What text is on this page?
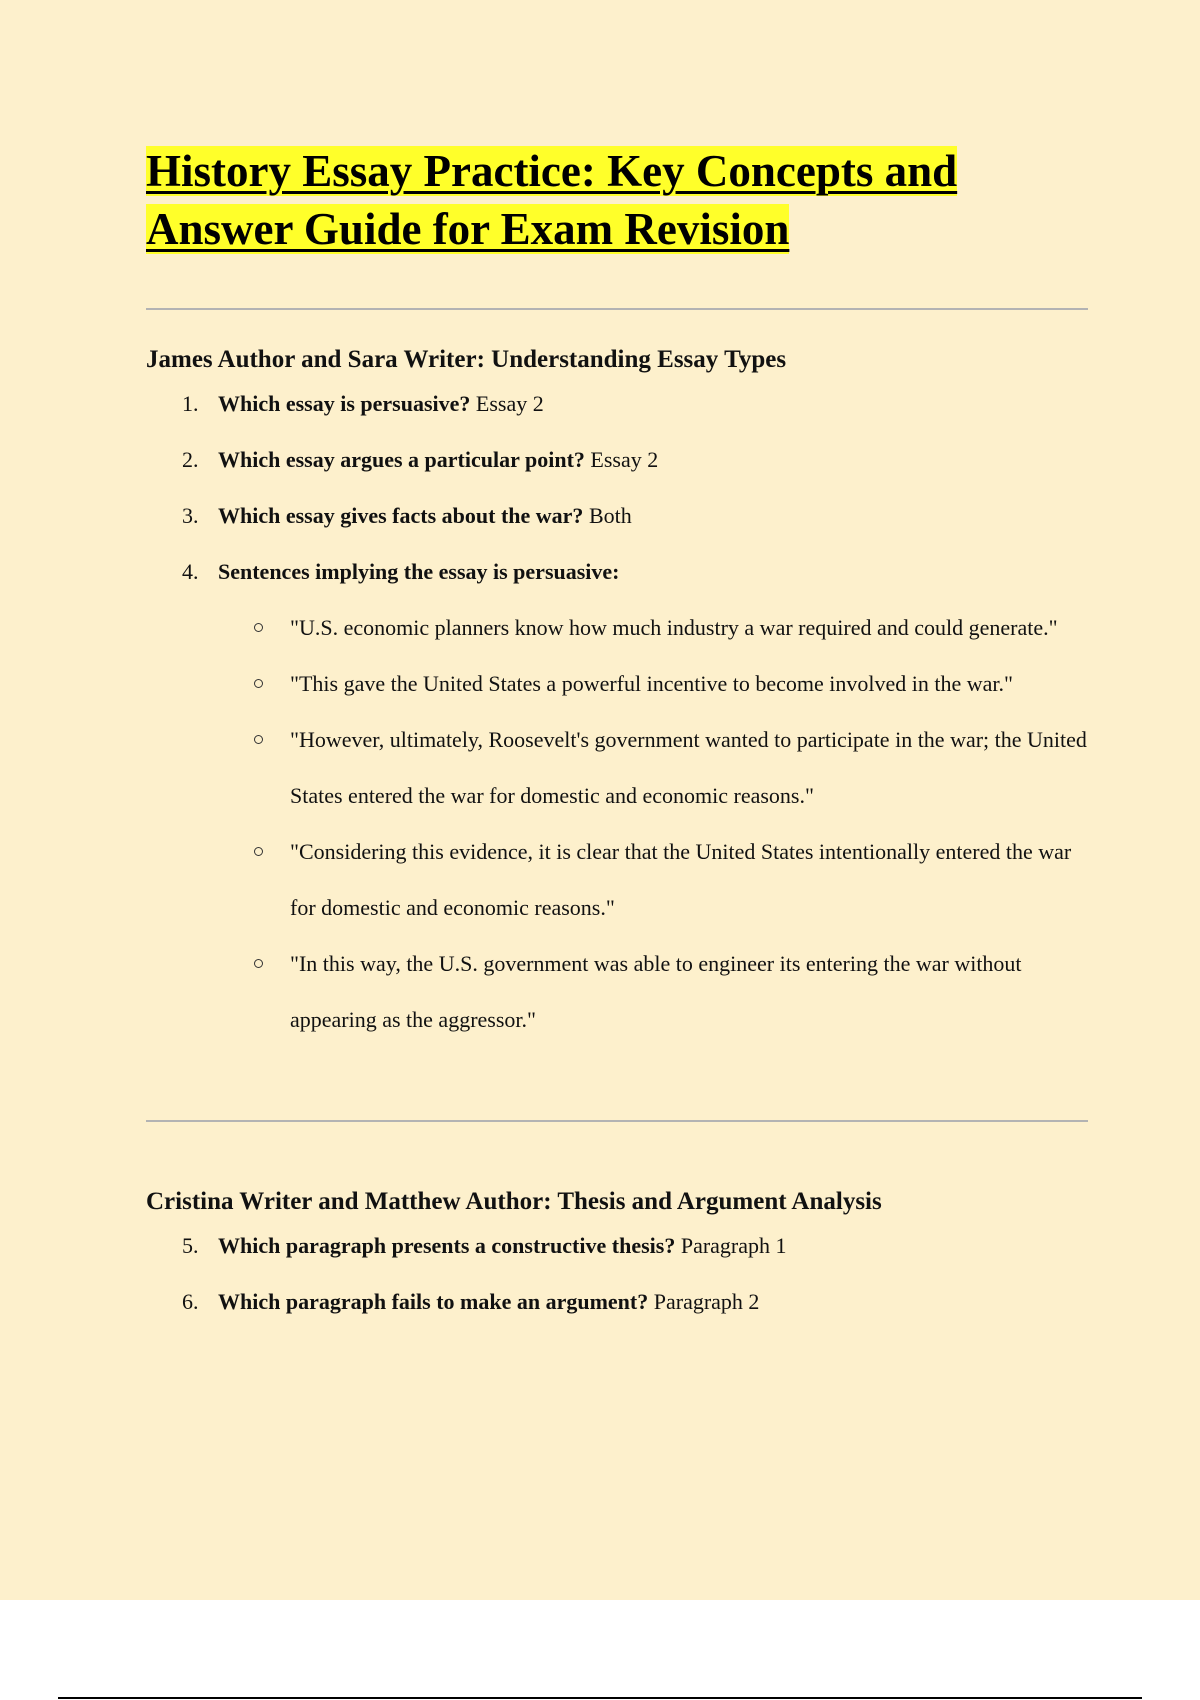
History Essay Practice: Key Concepts and Answer Guide for Exam Revision
James Author and Sara Writer: Understanding Essay Types
1. Which essay is persuasive? Essay 2
2. Which essay argues a particular point? Essay 2
3. Which essay gives facts about the war? Both
4. Sentences implying the essay is persuasive:
"U.S. economic planners know how much industry a war required and could generate."
"This gave the United States a powerful incentive to become involved in the war."
"However, ultimately, Roosevelt's government wanted to participate in the war; the United States entered the war for domestic and economic reasons."
"Considering this evidence, it is clear that the United States intentionally entered the war for domestic and economic reasons."
"In this way, the U.S. government was able to engineer its entering the war without appearing as the aggressor."
Cristina Writer and Matthew Author: Thesis and Argument Analysis
5. Which paragraph presents a constructive thesis? Paragraph 1
6. Which paragraph fails to make an argument? Paragraph 2
